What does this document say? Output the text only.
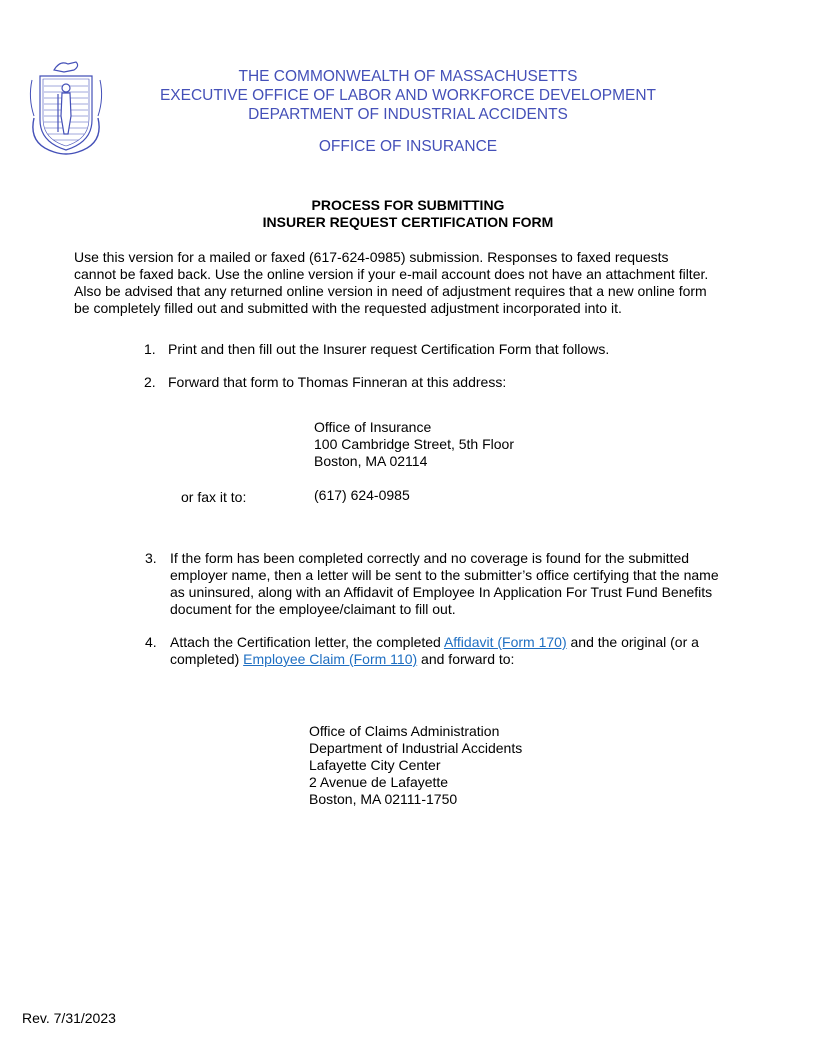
THE COMMONWEALTH OF MASSACHUSETTS
EXECUTIVE OFFICE OF LABOR AND WORKFORCE DEVELOPMENT
DEPARTMENT OF INDUSTRIAL ACCIDENTS
OFFICE OF INSURANCE
PROCESS FOR SUBMITTING
INSURER REQUEST CERTIFICATION FORM
Use this version for a mailed or faxed (617-624-0985) submission. Responses to faxed requests
cannot be faxed back. Use the online version if your e-mail account does not have an attachment filter.
Also be advised that any returned online version in need of adjustment requires that a new online form
be completely filled out and submitted with the requested adjustment incorporated into it.
1. Print and then fill out the Insurer request Certification Form that follows.
2. Forward that form to Thomas Finneran at this address:
Office of Insurance
100 Cambridge Street, 5th Floor
Boston, MA 02114
or fax it to:	(617) 624-0985
3. If the form has been completed correctly and no coverage is found for the submitted
employer name, then a letter will be sent to the submitter’s office certifying that the name
as uninsured, along with an Affidavit of Employee In Application For Trust Fund Benefits
document for the employee/claimant to fill out.
4. Attach the Certification letter, the completed Affidavit (Form 170) and the original (or a
completed) Employee Claim (Form 110) and forward to:
Office of Claims Administration
Department of Industrial Accidents
Lafayette City Center
2 Avenue de Lafayette
Boston, MA 02111-1750
Rev. 7/31/2023
